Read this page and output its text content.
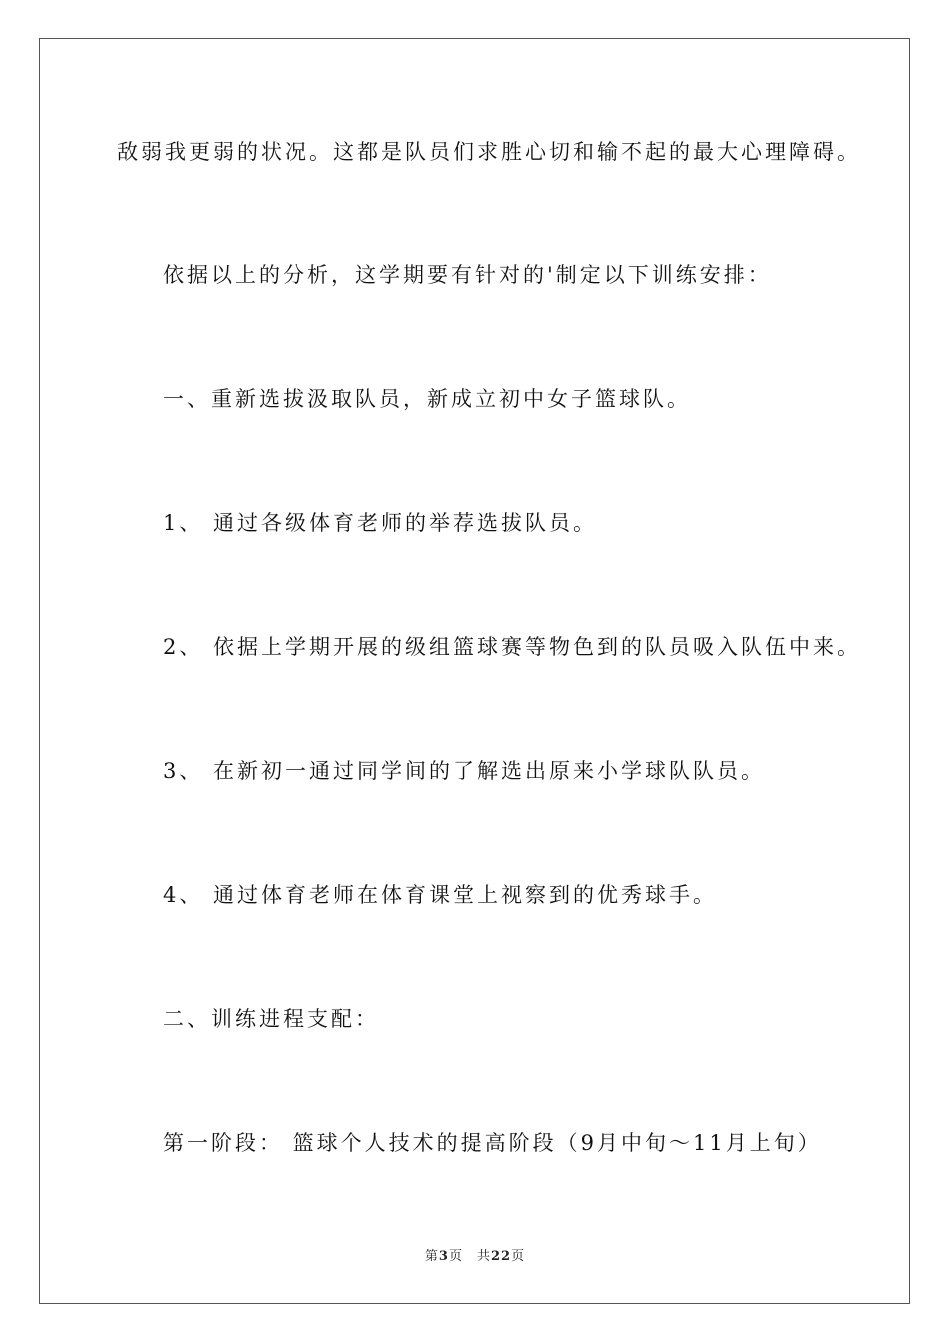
敌弱我更弱的状况。这都是队员们求胜心切和输不起的最大心理障碍。
依据以上的分析，这学期要有针对的'制定以下训练安排：
一、重新选拔汲取队员，新成立初中女子篮球队。
1、 通过各级体育老师的举荐选拔队员。
2、 依据上学期开展的级组篮球赛等物色到的队员吸入队伍中来。
3、 在新初一通过同学间的了解选出原来小学球队队员。
4、 通过体育老师在体育课堂上视察到的优秀球手。
二、训练进程支配：
第一阶段： 篮球个人技术的提高阶段（9月中旬～11月上旬）
第3页 共22页
